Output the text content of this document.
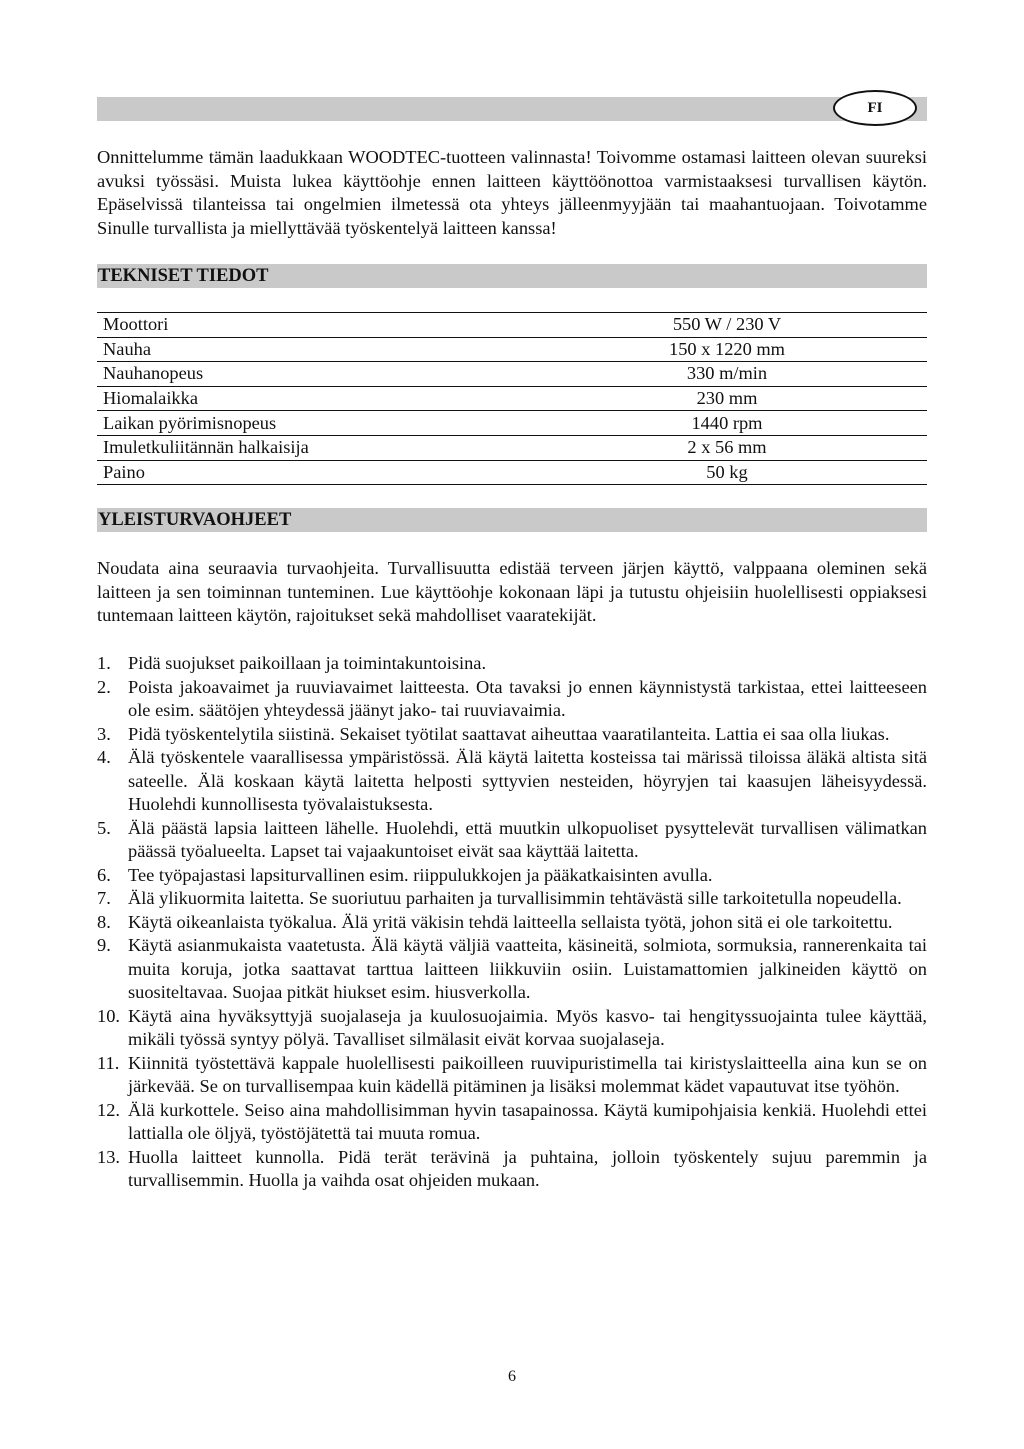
FI

Onnittelumme tämän laadukkaan WOODTEC-tuotteen valinnasta! Toivomme ostamasi laitteen olevan suureksi avuksi työssäsi. Muista lukea käyttöohje ennen laitteen käyttöönottoa varmistaaksesi turvallisen käytön. Epäselvissä tilanteissa tai ongelmien ilmetessä ota yhteys jälleenmyyjään tai maahantuojaan. Toivotamme Sinulle turvallista ja miellyttävää työskentelyä laitteen kanssa!

TEKNISET TIEDOT
Moottori	550 W / 230 V
Nauha	150 x 1220 mm
Nauhanopeus	330 m/min
Hiomalaikka	230 mm
Laikan pyörimisnopeus	1440 rpm
Imuletkuliitännän halkaisija	2 x 56 mm
Paino	50 kg
YLEISTURVAOHJEET

Noudata aina seuraavia turvaohjeita. Turvallisuutta edistää terveen järjen käyttö, valppaana oleminen sekä laitteen ja sen toiminnan tunteminen. Lue käyttöohje kokonaan läpi ja tutustu ohjeisiin huolellisesti oppiaksesi tuntemaan laitteen käytön, rajoitukset sekä mahdolliset vaaratekijät.

1. Pidä suojukset paikoillaan ja toimintakuntoisina.
2. Poista jakoavaimet ja ruuviavaimet laitteesta. Ota tavaksi jo ennen käynnistystä tarkistaa, ettei laitteeseen ole esim. säätöjen yhteydessä jäänyt jako- tai ruuviavaimia.
3. Pidä työskentelytila siistinä. Sekaiset työtilat saattavat aiheuttaa vaaratilanteita. Lattia ei saa olla liukas.
4. Älä työskentele vaarallisessa ympäristössä. Älä käytä laitetta kosteissa tai märissä tiloissa äläkä altista sitä sateelle. Älä koskaan käytä laitetta helposti syttyvien nesteiden, höyryjen tai kaasujen läheisyydessä. Huolehdi kunnollisesta työvalaistuksesta.
5. Älä päästä lapsia laitteen lähelle. Huolehdi, että muutkin ulkopuoliset pysyttelevät turvallisen välimatkan päässä työalueelta. Lapset tai vajaakuntoiset eivät saa käyttää laitetta.
6. Tee työpajastasi lapsiturvallinen esim. riippulukkojen ja pääkatkaisinten avulla.
7. Älä ylikuormita laitetta. Se suoriutuu parhaiten ja turvallisimmin tehtävästä sille tarkoitetulla nopeudella.
8. Käytä oikeanlaista työkalua. Älä yritä väkisin tehdä laitteella sellaista työtä, johon sitä ei ole tarkoitettu.
9. Käytä asianmukaista vaatetusta. Älä käytä väljiä vaatteita, käsineitä, solmiota, sormuksia, rannerenkaita tai muita koruja, jotka saattavat tarttua laitteen liikkuviin osiin. Luistamattomien jalkineiden käyttö on suositeltavaa. Suojaa pitkät hiukset esim. hiusverkolla.
10. Käytä aina hyväksyttyjä suojalaseja ja kuulosuojaimia. Myös kasvo- tai hengityssuojainta tulee käyttää, mikäli työssä syntyy pölyä. Tavalliset silmälasit eivät korvaa suojalaseja.
11. Kiinnitä työstettävä kappale huolellisesti paikoilleen ruuvipuristimella tai kiristyslaitteella aina kun se on järkevää. Se on turvallisempaa kuin kädellä pitäminen ja lisäksi molemmat kädet vapautuvat itse työhön.
12. Älä kurkottele. Seiso aina mahdollisimman hyvin tasapainossa. Käytä kumipohjaisia kenkiä. Huolehdi ettei lattialla ole öljyä, työstöjätettä tai muuta romua.
13. Huolla laitteet kunnolla. Pidä terät terävinä ja puhtaina, jolloin työskentely sujuu paremmin ja turvallisemmin. Huolla ja vaihda osat ohjeiden mukaan.
6
